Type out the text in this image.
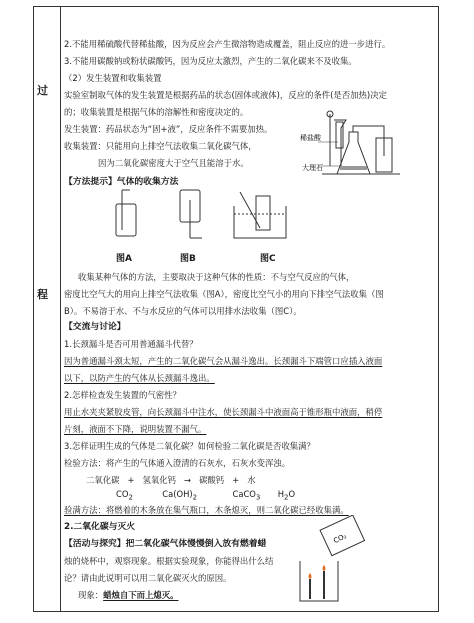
过
程
2.不能用稀硫酸代替稀盐酸，因为反应会产生微溶物造成覆盖，阻止反应的进一步进行。
3.不能用碳酸钠或粉状碳酸钙，因为反应太激烈，产生的二氧化碳来不及收集。
（2）发生装置和收集装置
实验室制取气体的发生装置是根据药品的状态(固体或液体)，反应的条件(是否加热)决定
的；收集装置是根据气体的溶解性和密度决定的。
发生装置：药品状态为“固+液”，反应条件不需要加热。
收集装置：只能用向上排空气法收集二氧化碳气体，
因为二氧化碳密度大于空气且能溶于水。
【方法提示】气体的收集方法
图A	图B	图C
收集某种气体的方法，主要取决于这种气体的性质：不与空气反应的气体，
密度比空气大的用向上排空气法收集（图A），密度比空气小的用向下排空气法收集（图
B）。不易溶于水、不与水反应的气体可以用排水法收集（图C）。
【交流与讨论】
1.长颈漏斗是否可用普通漏斗代替？
因为普通漏斗颈太短，产生的二氧化碳气会从漏斗逸出。长颈漏斗下端管口应插入液面
以下，以防产生的气体从长颈漏斗逸出。
2.怎样检查发生装置的气密性？
用止水夹夹紧胶皮管，向长颈漏斗中注水，使长颈漏斗中液面高于锥形瓶中液面，稍停
片刻，液面不下降，说明装置不漏气。
3.怎样证明生成的气体是二氧化碳？如何检验二氧化碳是否收集满？
检验方法：将产生的气体通入澄清的石灰水，石灰水变浑浊。
二氧化碳 + 氢氧化钙 → 碳酸钙 + 水
$CO_2$	$Ca(OH)_2$	CaCO$_3$ $H_2O$
验满方法：将燃着的木条放在集气瓶口，木条熄灭，则二氧化碳已经收集满。
2.二氧化碳与灭火
【活动与探究】把二氧化碳气体慢慢倒入放有燃着蜡
烛的烧杯中，观察现象。根据实验现象，你能得出什么结
论？请由此说明可以用二氧化碳灭火的原因。
现象：蜡烛自下而上熄灭。
稀盐酸
大理石
CO₂
